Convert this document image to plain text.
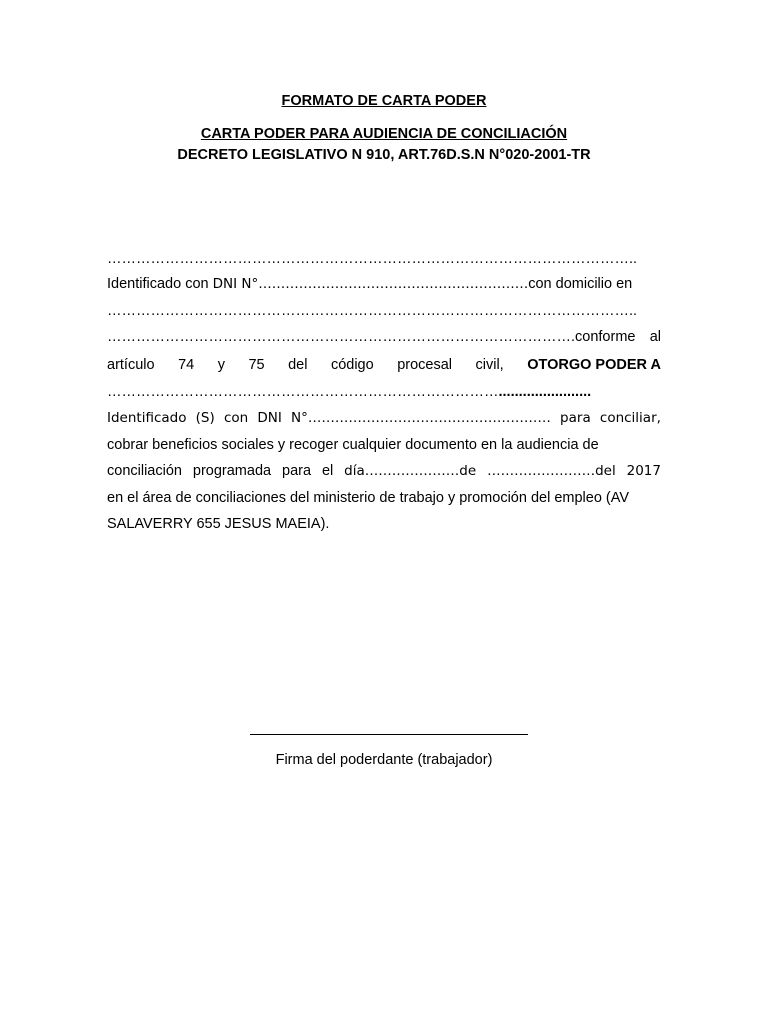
FORMATO DE CARTA PODER
CARTA PODER PARA AUDIENCIA DE CONCILIACIÓN
DECRETO LEGISLATIVO N 910, ART.76D.S.N N°020-2001-TR
………………………………………………………………………………………………..
Identificado con DNI N°……………………………………………………con domicilio en
………………………………………………………………………………………………..
…………………………………………………………………………………….conforme al
artículo 74 y 75 del código procesal civil, OTORGO PODER A
……………………………………………………………………….......................
Identificado (S) con DNI N°……………………………………………… para conciliar,
cobrar beneficios sociales y recoger cualquier documento en la audiencia de
conciliación programada para el día…………………de ……………………del 2017
en el área de conciliaciones del ministerio de trabajo y promoción del empleo (AV
SALAVERRY 655 JESUS MAEIA).
Firma del poderdante (trabajador)
